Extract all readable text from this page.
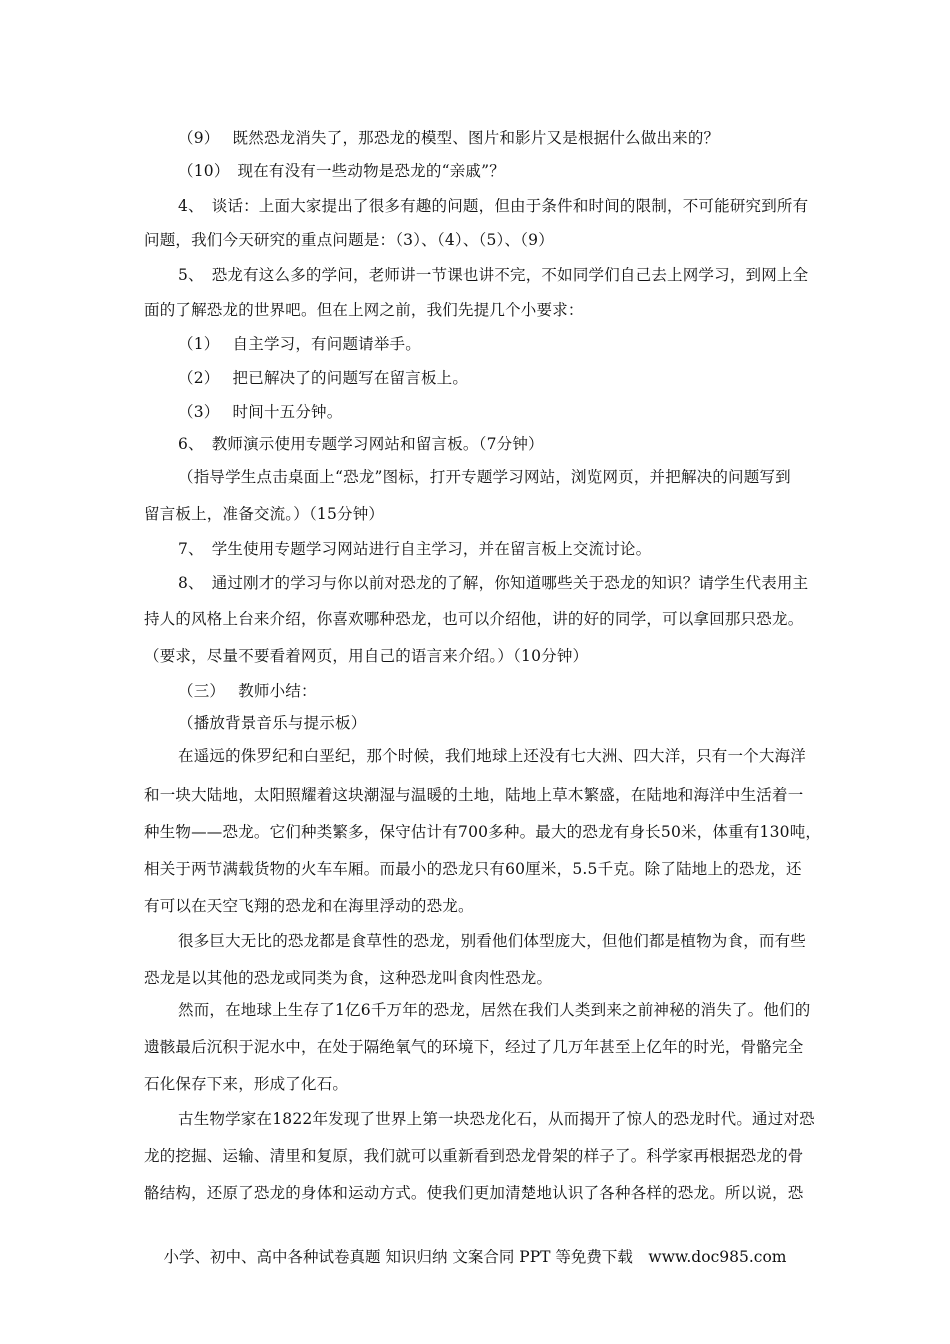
（9）　 既然恐龙消失了，那恐龙的模型、图片和影片又是根据什么做出来的？
（10）　现在有没有一些动物是恐龙的“亲戚”？
4、　谈话：上面大家提出了很多有趣的问题，但由于条件和时间的限制，不可能研究到所有
问题，我们今天研究的重点问题是：（3）、（4）、（5）、（9）
5、　恐龙有这么多的学问，老师讲一节课也讲不完，不如同学们自己去上网学习，到网上全
面的了解恐龙的世界吧。但在上网之前，我们先提几个小要求：
（1）　 自主学习，有问题请举手。
（2）　 把已解决了的问题写在留言板上。
（3）　 时间十五分钟。
6、　教师演示使用专题学习网站和留言板。（7分钟）
（指导学生点击桌面上“恐龙”图标，打开专题学习网站，浏览网页，并把解决的问题写到
留言板上，准备交流。）（15分钟）
7、　学生使用专题学习网站进行自主学习，并在留言板上交流讨论。
8、　通过刚才的学习与你以前对恐龙的了解，你知道哪些关于恐龙的知识？请学生代表用主
持人的风格上台来介绍，你喜欢哪种恐龙，也可以介绍他，讲的好的同学，可以拿回那只恐龙。
（要求，尽量不要看着网页，用自己的语言来介绍。）（10分钟）
（三）　 教师小结：
（播放背景音乐与提示板）
在遥远的侏罗纪和白垩纪，那个时候，我们地球上还没有七大洲、四大洋，只有一个大海洋
和一块大陆地，太阳照耀着这块潮湿与温暖的土地，陆地上草木繁盛，在陆地和海洋中生活着一
种生物——恐龙。它们种类繁多，保守估计有700多种。最大的恐龙有身长50米，体重有130吨，
相关于两节满载货物的火车车厢。而最小的恐龙只有60厘米，5.5千克。除了陆地上的恐龙，还
有可以在天空飞翔的恐龙和在海里浮动的恐龙。
很多巨大无比的恐龙都是食草性的恐龙，别看他们体型庞大，但他们都是植物为食，而有些
恐龙是以其他的恐龙或同类为食，这种恐龙叫食肉性恐龙。
然而，在地球上生存了1亿6千万年的恐龙，居然在我们人类到来之前神秘的消失了。他们的
遗骸最后沉积于泥水中，在处于隔绝氧气的环境下，经过了几万年甚至上亿年的时光，骨骼完全
石化保存下来，形成了化石。
古生物学家在1822年发现了世界上第一块恐龙化石，从而揭开了惊人的恐龙时代。通过对恐
龙的挖掘、运输、清里和复原，我们就可以重新看到恐龙骨架的样子了。科学家再根据恐龙的骨
骼结构，还原了恐龙的身体和运动方式。使我们更加清楚地认识了各种各样的恐龙。所以说，恐
小学、初中、高中各种试卷真题 知识归纳 文案合同 PPT 等免费下载　www.doc985.com
